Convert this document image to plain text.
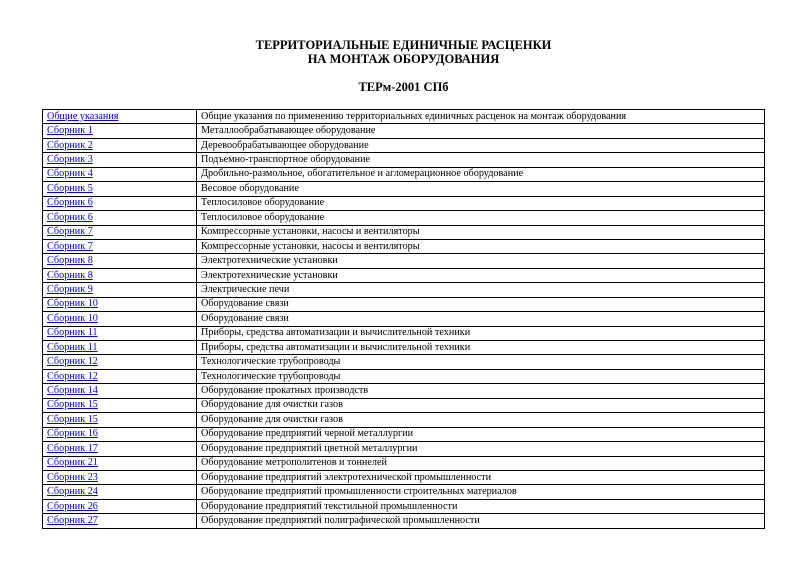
ТЕРРИТОРИАЛЬНЫЕ ЕДИНИЧНЫЕ РАСЦЕНКИ
НА МОНТАЖ ОБОРУДОВАНИЯ
ТЕРм-2001 СПб
Общие указания	Общие указания по применению территориальных единичных расценок на монтаж оборудования
Сборник 1	Металлообрабатывающее оборудование
Сборник 2	Деревообрабатывающее оборудование
Сборник 3	Подъемно-транспортное оборудование
Сборник 4	Дробильно-размольное, обогатительное и агломерационное оборудование
Сборник 5	Весовое оборудование
Сборник 6	Теплосиловое оборудование
Сборник 6	Теплосиловое оборудование
Сборник 7	Компрессорные установки, насосы и вентиляторы
Сборник 7	Компрессорные установки, насосы и вентиляторы
Сборник 8	Электротехнические установки
Сборник 8	Электротехнические установки
Сборник 9	Электрические печи
Сборник 10	Оборудование связи
Сборник 10	Оборудование связи
Сборник 11	Приборы, средства автоматизации и вычислительной техники
Сборник 11	Приборы, средства автоматизации и вычислительной техники
Сборник 12	Технологические трубопроводы
Сборник 12	Технологические трубопроводы
Сборник 14	Оборудование прокатных производств
Сборник 15	Оборудование для очистки газов
Сборник 15	Оборудование для очистки газов
Сборник 16	Оборудование предприятий черной металлургии
Сборник 17	Оборудование предприятий цветной металлургии
Сборник 21	Оборудование метрополитенов и тоннелей
Сборник 23	Оборудование предприятий электротехнической промышленности
Сборник 24	Оборудование предприятий промышленности строительных материалов
Сборник 26	Оборудование предприятий текстильной промышленности
Сборник 27	Оборудование предприятий полиграфической промышленности
